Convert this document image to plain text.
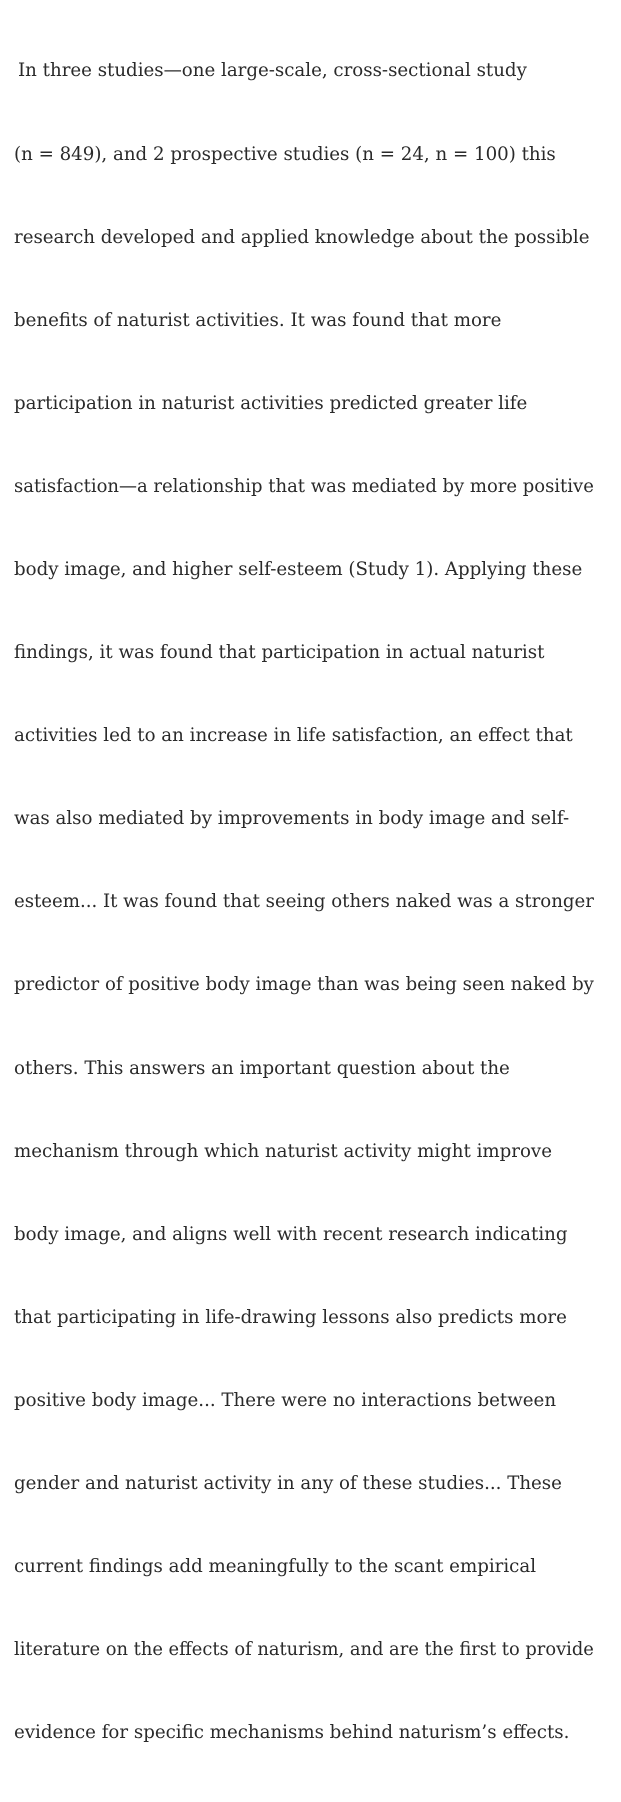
In three studies—one large-scale, cross-sectional study

(n = 849), and 2 prospective studies (n = 24, n = 100) this

research developed and applied knowledge about the possible

benefits of naturist activities. It was found that more

participation in naturist activities predicted greater life

satisfaction—a relationship that was mediated by more positive

body image, and higher self-esteem (Study 1). Applying these

findings, it was found that participation in actual naturist

activities led to an increase in life satisfaction, an effect that

was also mediated by improvements in body image and self-

esteem... It was found that seeing others naked was a stronger

predictor of positive body image than was being seen naked by

others. This answers an important question about the

mechanism through which naturist activity might improve

body image, and aligns well with recent research indicating

that participating in life-drawing lessons also predicts more

positive body image... There were no interactions between

gender and naturist activity in any of these studies... These

current findings add meaningfully to the scant empirical

literature on the effects of naturism, and are the first to provide

evidence for specific mechanisms behind naturism’s effects.
